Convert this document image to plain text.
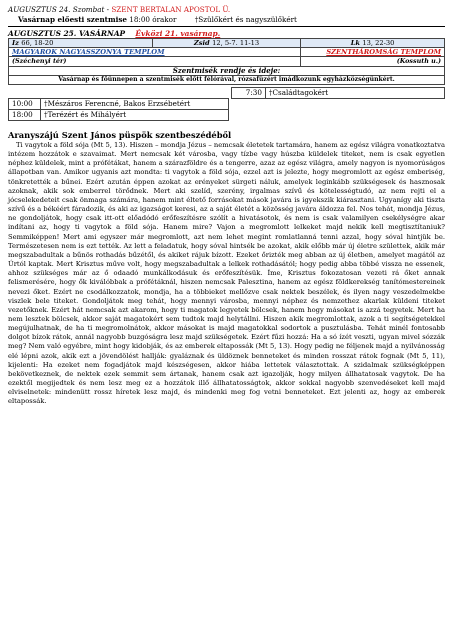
AUGUSZTUS 24. Szombat - SZENT BERTALAN APOSTOL Ü.
Vasárnap előesti szentmise 18:00 órakor	†Szülőkért és nagyszülőkért
AUGUSZTUS 25. VASÁRNAP Évközi 21. vasárnap.
Iz 66, 18-20	Zsid 12, 5-7. 11-13	Lk 13, 22-30
MAGYAROK NAGYASSZONYA TEMPLOM		SZENTHÁROMSÁG TEMPLOM
(Széchenyi tér)		(Kossuth u.)
Szentmisék rendje és ideje:		
Vasárnap és főünnepen a szentmisék előtt félórával, rózsafüzért imádkozunk egyházközségünkért.		
7:30	†Családtagokért
10:00	†Mészáros Ferencné, Bakos Erzsébetért
18:00	†Terézért és Mihályért
Aranyszájú Szent János püspök szentbeszédéből

Ti vagytok a föld sója (Mt 5, 13). Hiszen – mondja Jézus – nemcsak életetek tartamára, hanem az egész világra vonatkoztatva intézem hozzátok e szavaimat. Mert nemcsak két városba, vagy tízbe vagy húszba küldelek titeket, nem is csak egyetlen néphez küldelek, mint a prófétákat, hanem a szárazföldre és a tengerre, azaz az egész világra, amely nagyon is nyomorúságos állapotban van. Amikor ugyanis azt mondta: ti vagytok a föld sója, ezzel azt is jelezte, hogy megromlott az egész emberiség, tönkretették a bűnei. Ezért azután éppen azokat az erényeket sürgeti náluk, amelyek leginkább szükségesek és hasznosak azoknak, akik sok emberrel törődnek. Mert aki szelíd, szerény, irgalmas szívű és kötelességtudó, az nem rejti el a jócselekedeteit csak önmaga számára, hanem mint éltető forrásokat mások javára is igyekszik kiárasztani. Ugyanígy aki tiszta szívű és a békéért fáradozik, és aki az igazságot keresi, az a saját életét a közösség javára áldozza fel. Nos tehát, mondja Jézus, ne gondoljátok, hogy csak itt-ott előadódó erőfeszítésre szólít a hivatásotok, és nem is csak valamilyen csekélységre akar indítani az, hogy ti vagytok a föld sója. Hanem mire? Vajon a megromlott lelkeket majd nekik kell megtisztítaniuk? Semmiképpen! Mert ami egyszer már megromlott, azt nem lehet megint romlatlanná tenni azzal, hogy sóval hintjük be. Természetesen nem is ezt tették. Az lett a feladatuk, hogy sóval hintsék be azokat, akik előbb már új életre születtek, akik már megszabadultak a bűnös rothadás bűzétől, és akiket rájuk bízott. Ezeket őrizték meg abban az új életben, amelyet magától az Úrtól kaptak. Mert Krisztus műve volt, hogy megszabadultak a lelkek rothadásától; hogy pedig abba többé vissza ne essenek, ahhoz szükséges már az ő odaadó munkálkodásuk és erőfeszítésük. Íme, Krisztus fokozatosan vezeti rá őket annak felismerésére, hogy ők kiválóbbak a prófétáknál, hiszen nemcsak Palesztina, hanem az egész földkerekség tanítómestereinek nevezi őket. Ezért ne csodálkozzatok, mondja, ha a többieket mellőzve csak nektek beszélek, és ilyen nagy veszedelmekbe viszlek bele titeket. Gondoljátok meg tehát, hogy mennyi városba, mennyi néphez és nemzethez akarlak küldeni titeket vezetőknek. Ezért hát nemcsak azt akarom, hogy ti magatok legyetek bölcsek, hanem hogy másokat is azzá tegyetek. Mert ha nem lesztek bölcsek, akkor saját magatokért sem tudtok majd helytállni. Hiszen akik megromlottak, azok a ti segítségetekkel megújulhatnak, de ha ti megromolnátok, akkor másokat is majd magatokkal sodortok a pusztulásba. Tehát minél fontosabb dolgot bízok rátok, annál nagyobb buzgóságra lesz majd szükségetek. Ezért fűzi hozzá: Ha a só ízét veszti, ugyan mivel sózzák meg? Nem való egyébre, mint hogy kidobják, és az emberek eltapossák (Mt 5, 13). Hogy pedig ne féljenek majd a nyilvánosság elé lépni azok, akik ezt a jövendölést hallják: gyaláznak és üldöznek benneteket és minden rosszat rátok fognak (Mt 5, 11), kijelenti: Ha ezeket nem fogadjátok majd készségesen, akkor hiába lettetek választottak. A szidalmak szükségképpen bekövetkeznek, de nektek ezek semmit sem ártanak, hanem csak azt igazolják, hogy milyen állhatatosak vagytok. De ha ezektől megijedtek és nem lesz meg ez a hozzátok illő állhatatosságtok, akkor sokkal nagyobb szenvedéseket kell majd elviselnetek: mindenütt rossz híretek lesz majd, és mindenki meg fog vetni benneteket. Ezt jelenti az, hogy az emberek eltapossák.
